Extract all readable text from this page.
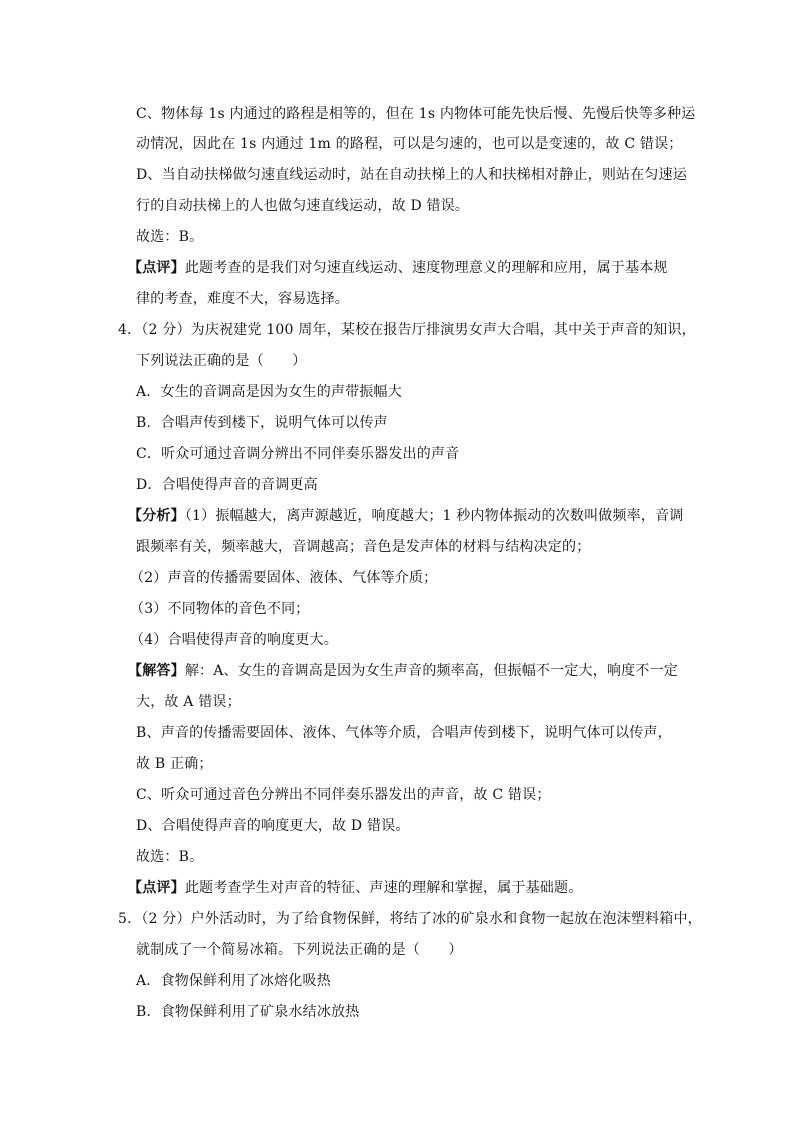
C、物体每 1s 内通过的路程是相等的，但在 1s 内物体可能先快后慢、先慢后快等多种运
动情况，因此在 1s 内通过 1m 的路程，可以是匀速的，也可以是变速的，故 C 错误；
D、当自动扶梯做匀速直线运动时，站在自动扶梯上的人和扶梯相对静止，则站在匀速运
行的自动扶梯上的人也做匀速直线运动，故 D 错误。
故选：B。
【点评】此题考查的是我们对匀速直线运动、速度物理意义的理解和应用，属于基本规
律的考查，难度不大，容易选择。
4．（2 分）为庆祝建党 100 周年，某校在报告厅排演男女声大合唱，其中关于声音的知识，
下列说法正确的是（　　）
A．女生的音调高是因为女生的声带振幅大
B．合唱声传到楼下，说明气体可以传声
C．听众可通过音调分辨出不同伴奏乐器发出的声音
D．合唱使得声音的音调更高
【分析】（1）振幅越大，离声源越近，响度越大；1 秒内物体振动的次数叫做频率，音调
跟频率有关，频率越大，音调越高；音色是发声体的材料与结构决定的；
（2）声音的传播需要固体、液体、气体等介质；
（3）不同物体的音色不同；
（4）合唱使得声音的响度更大。
【解答】解：A、女生的音调高是因为女生声音的频率高，但振幅不一定大，响度不一定
大，故 A 错误；
B、声音的传播需要固体、液体、气体等介质，合唱声传到楼下，说明气体可以传声，
故 B 正确；
C、听众可通过音色分辨出不同伴奏乐器发出的声音，故 C 错误；
D、合唱使得声音的响度更大，故 D 错误。
故选：B。
【点评】此题考查学生对声音的特征、声速的理解和掌握，属于基础题。
5．（2 分）户外活动时，为了给食物保鲜，将结了冰的矿泉水和食物一起放在泡沫塑料箱中，
就制成了一个简易冰箱。下列说法正确的是（　　）
A．食物保鲜利用了冰熔化吸热
B．食物保鲜利用了矿泉水结冰放热
